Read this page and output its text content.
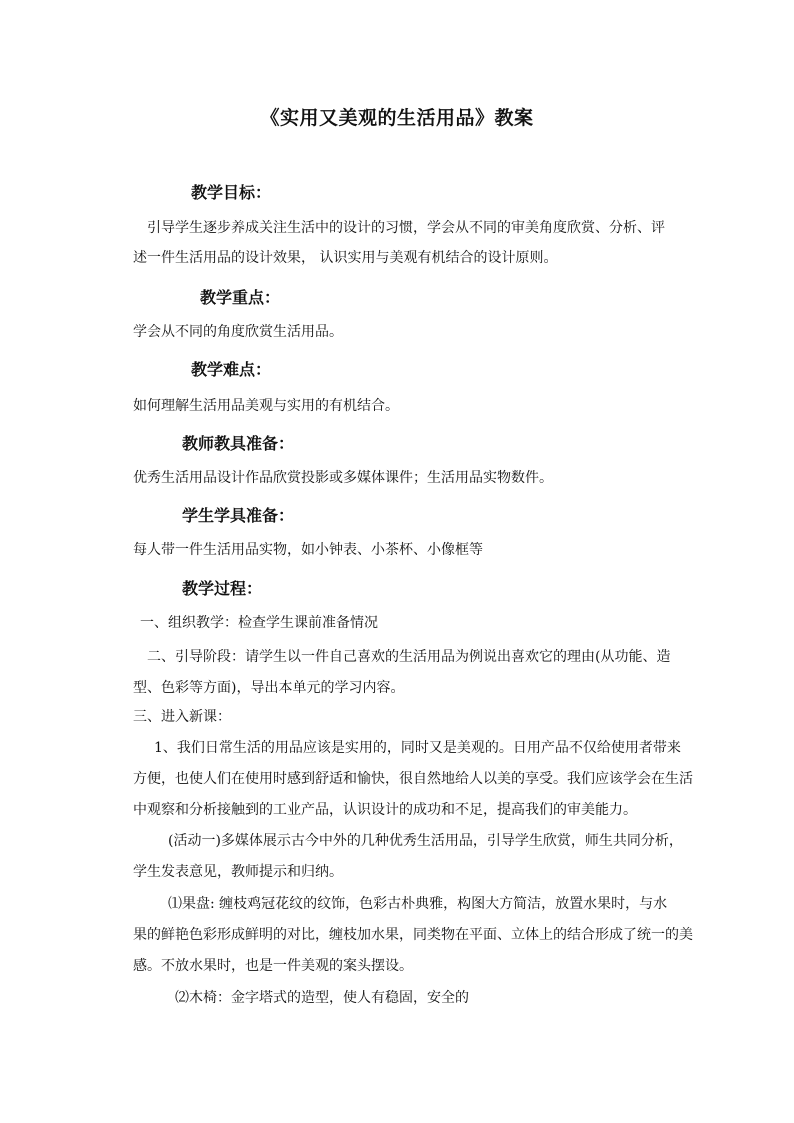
《实用又美观的生活用品》教案
教学目标：
引导学生逐步养成关注生活中的设计的习惯，学会从不同的审美角度欣赏、分析、评
述一件生活用品的设计效果， 认识实用与美观有机结合的设计原则。
教学重点：
学会从不同的角度欣赏生活用品。
教学难点：
如何理解生活用品美观与实用的有机结合。
教师教具准备：
优秀生活用品设计作品欣赏投影或多媒体课件；生活用品实物数件。
学生学具准备：
每人带一件生活用品实物，如小钟表、小茶杯、小像框等
教学过程：
一、组织教学：检查学生课前准备情况
二、引导阶段：请学生以一件自己喜欢的生活用品为例说出喜欢它的理由(从功能、造
型、色彩等方面)，导出本单元的学习内容。
三、进入新课：
1、我们日常生活的用品应该是实用的，同时又是美观的。日用产品不仅给使用者带来
方便，也使人们在使用时感到舒适和愉快，很自然地给人以美的享受。我们应该学会在生活
中观察和分析接触到的工业产品，认识设计的成功和不足，提高我们的审美能力。
(活动一)多媒体展示古今中外的几种优秀生活用品，引导学生欣赏，师生共同分析，
学生发表意见，教师提示和归纳。
⑴果盘: 缠枝鸡冠花纹的纹饰，色彩古朴典雅，构图大方简洁，放置水果时，与水
果的鲜艳色彩形成鲜明的对比，缠枝加水果，同类物在平面、立体上的结合形成了统一的美
感。不放水果时，也是一件美观的案头摆设。
⑵木椅：金字塔式的造型，使人有稳固，安全的
